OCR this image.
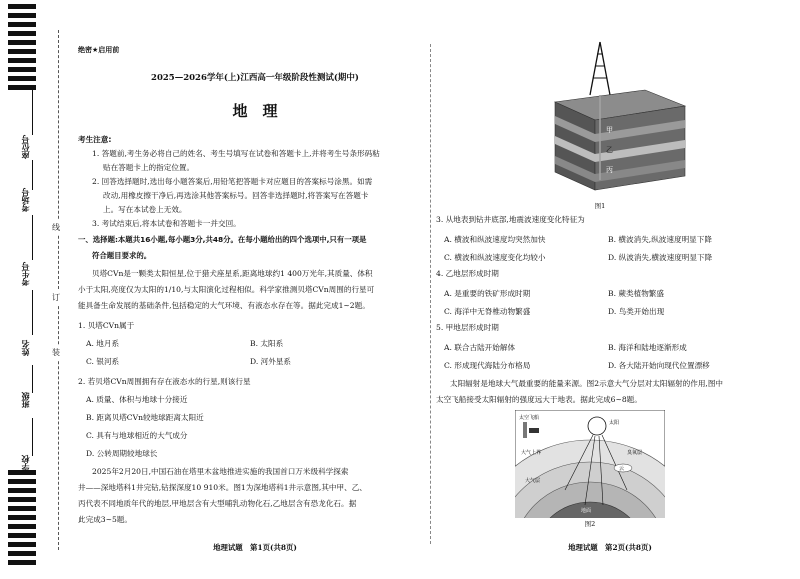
座位号
考场号
考生号
姓名
班级
学校
线
订
装
绝密★启用前
2025—2026学年(上)江西高一年级阶段性测试(期中)
地　理
考生注意:
1. 答题前,考生务必将自己的姓名、考生号填写在试卷和答题卡上,并将考生号条形码粘
贴在答题卡上的指定位置。
2. 回答选择题时,选出每小题答案后,用铅笔把答题卡对应题目的答案标号涂黑。如需
改动,用橡皮擦干净后,再选涂其他答案标号。回答非选择题时,将答案写在答题卡
上。写在本试卷上无效。
3. 考试结束后,将本试卷和答题卡一并交回。
一、选择题:本题共16小题,每小题3分,共48分。在每小题给出的四个选项中,只有一项是
符合题目要求的。
贝塔CVn是一颗类太阳恒星,位于猎犬座星系,距离地球约1 400万光年,其质量、体积
小于太阳,亮度仅为太阳的1/10,与太阳演化过程相似。科学家推测贝塔CVn周围的行星可
能具备生命发展的基础条件,包括稳定的大气环境、有液态水存在等。据此完成1~2题。
1. 贝塔CVn属于
A. 地月系	B. 太阳系
C. 银河系	D. 河外星系
2. 若贝塔CVn周围拥有存在液态水的行星,则该行星
A. 质量、体积与地球十分接近
B. 距离贝塔CVn较地球距离太阳近
C. 具有与地球相近的大气成分
D. 公转周期较地球长
2025年2月20日,中国石油在塔里木盆地推进实施的我国首口万米级科学探索
井——深地塔科1井完钻,钻探深度10 910米。图1为深地塔科1井示意图,其中甲、乙、
丙代表不同地质年代的地层,甲地层含有大型哺乳动物化石,乙地层含有恐龙化石。据
此完成3~5题。
地理试题　第1页(共8页)
甲
乙
丙
图1
3. 从地表到钻井底部,地震波速度变化特征为
A. 横波和纵波速度均突然加快	B. 横波消失,纵波速度明显下降
C. 横波和纵波速度变化均较小	D. 纵波消失,横波速度明显下降
4. 乙地层形成时期
A. 是重要的铁矿形成时期	B. 蕨类植物繁盛
C. 海洋中无脊椎动物繁盛	D. 鸟类开始出现
5. 甲地层形成时期
A. 联合古陆开始解体	B. 海洋和陆地逐渐形成
C. 形成现代海陆分布格局	D. 各大陆开始向现代位置漂移
太阳辐射是地球大气最重要的能量来源。图2示意大气分层对太阳辐射的作用,图中
太空飞船接受太阳辐射的强度远大于地表。据此完成6~8题。
太空飞船
太阳
大气上界	臭氧层
云
大气层
地面
图2
地理试题　第2页(共8页)
